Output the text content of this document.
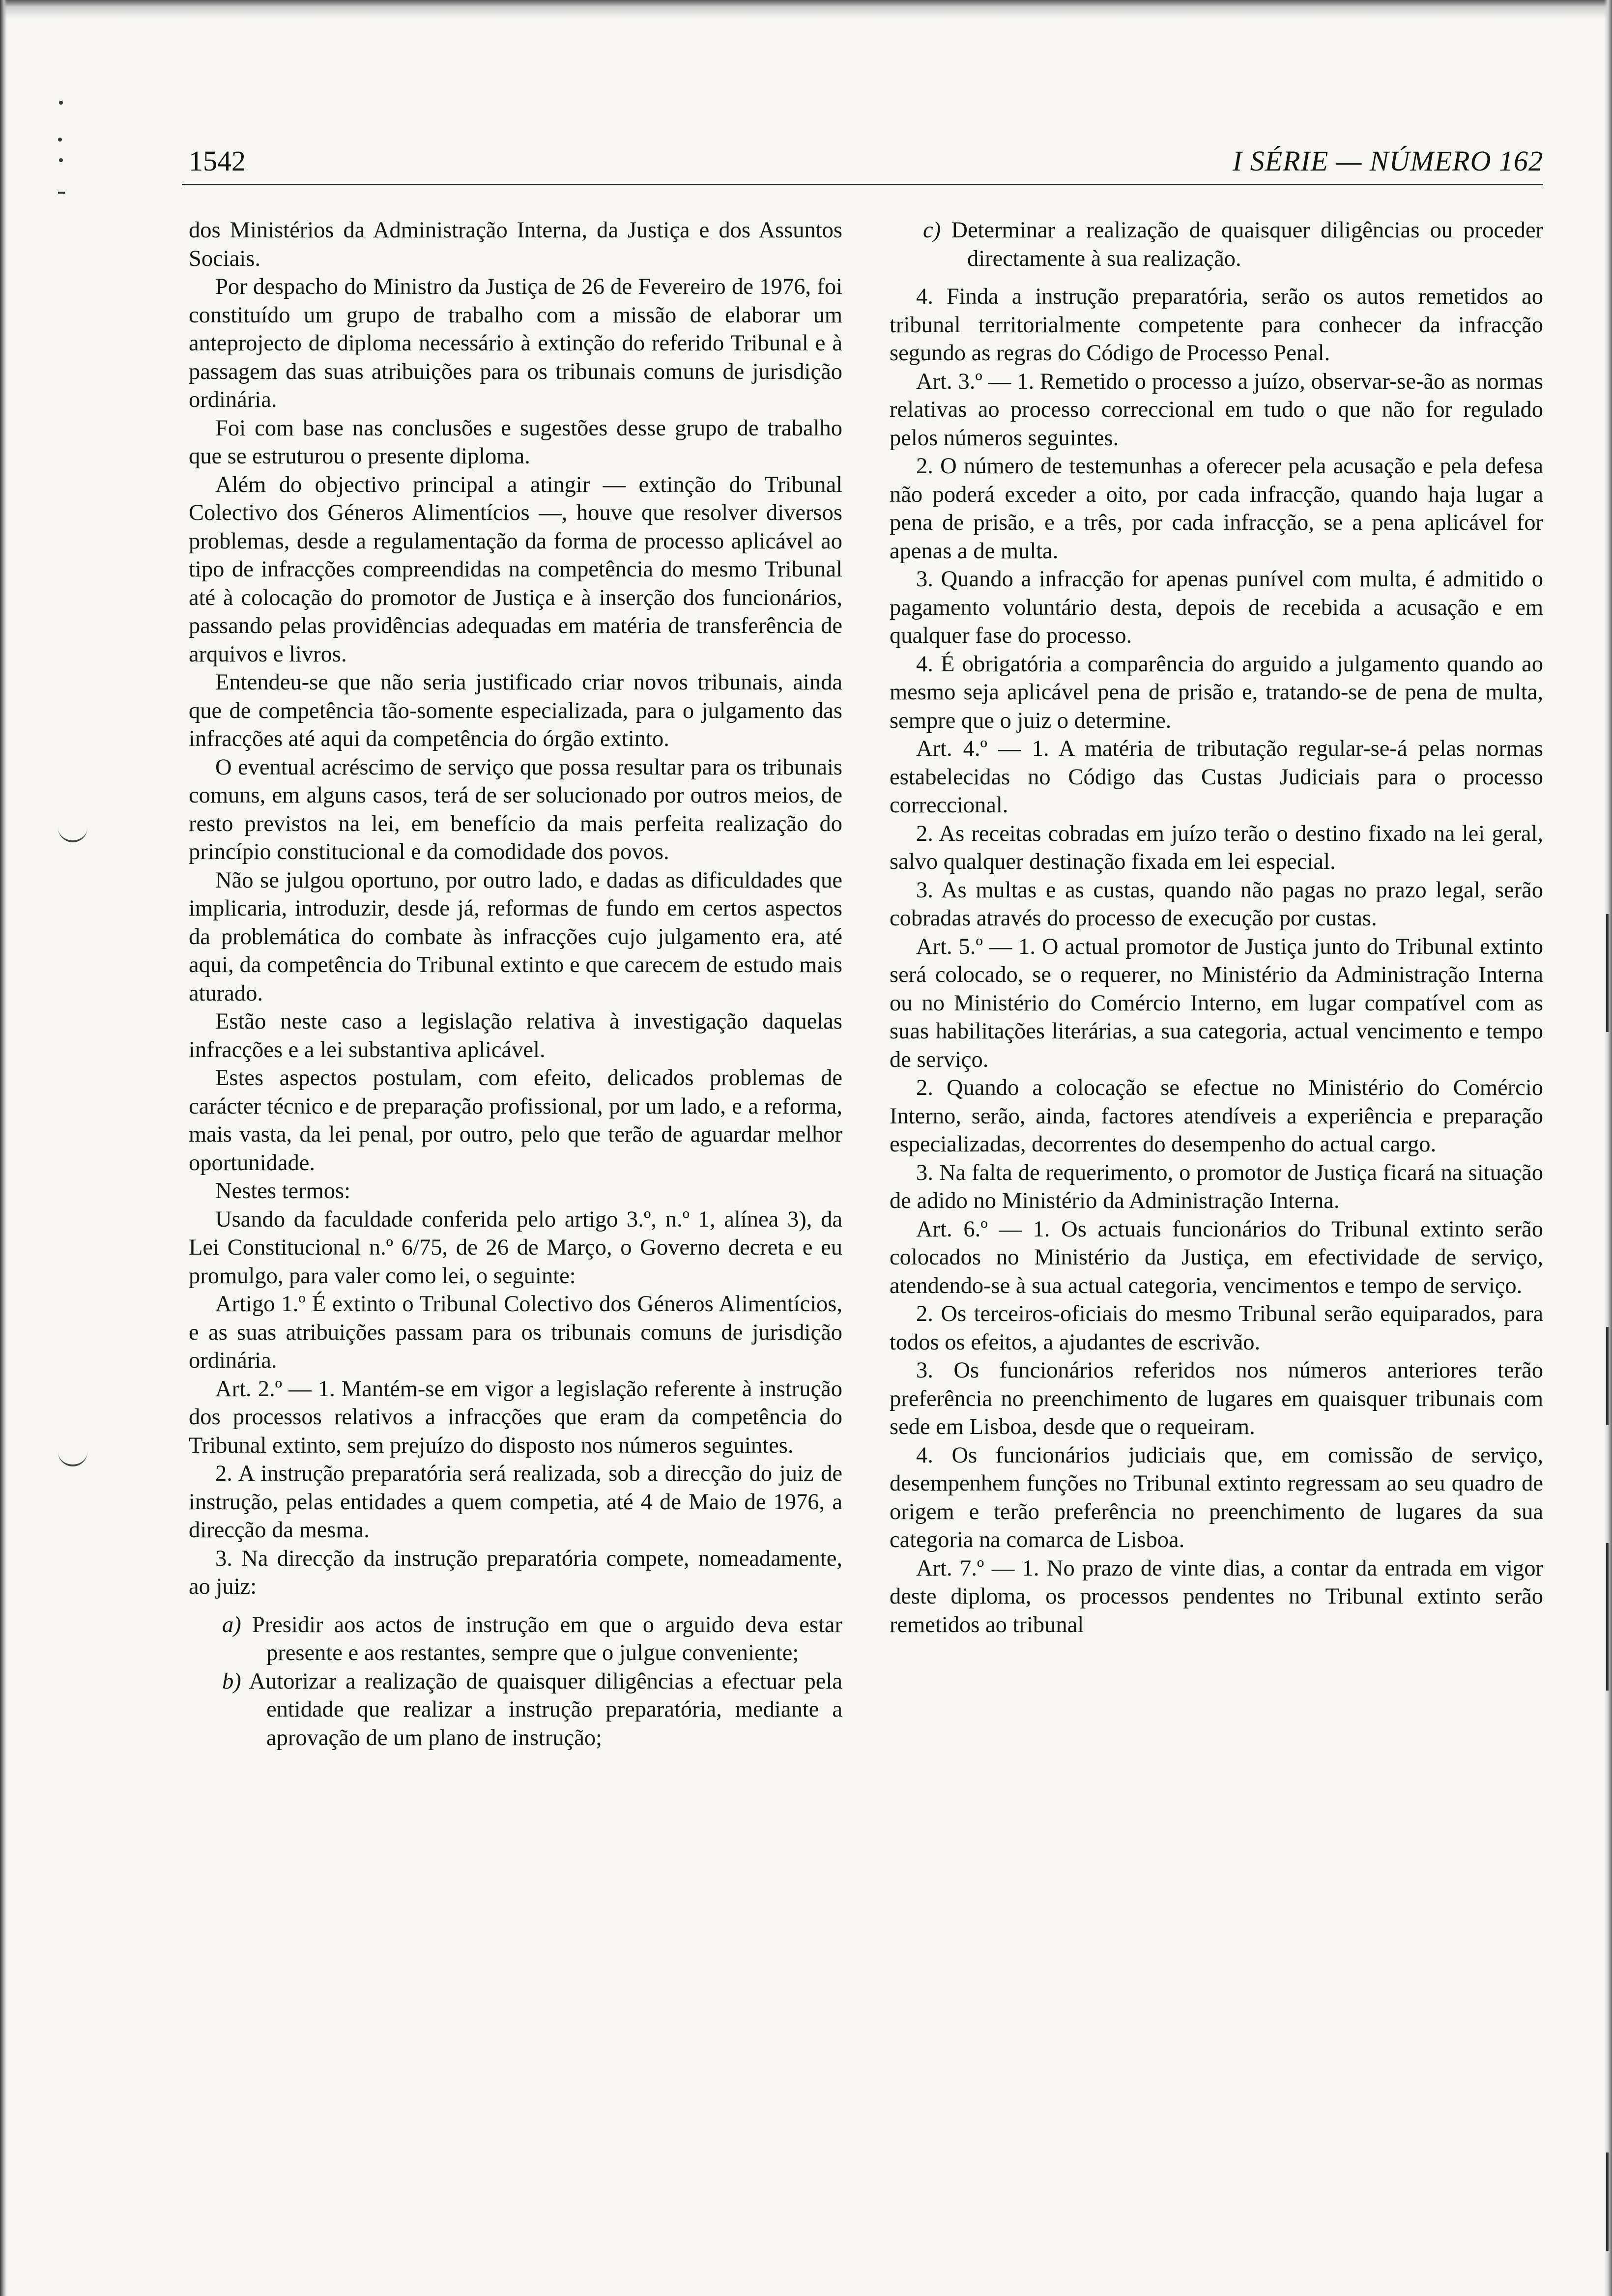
1542	I SÉRIE — NÚMERO 162

dos Ministérios da Administração Interna, da Justiça e dos Assuntos Sociais.

Por despacho do Ministro da Justiça de 26 de Fevereiro de 1976, foi constituído um grupo de trabalho com a missão de elaborar um anteprojecto de diploma necessário à extinção do referido Tribunal e à passagem das suas atribuições para os tribunais comuns de jurisdição ordinária.

Foi com base nas conclusões e sugestões desse grupo de trabalho que se estruturou o presente diploma.

Além do objectivo principal a atingir — extinção do Tribunal Colectivo dos Géneros Alimentícios —, houve que resolver diversos problemas, desde a regulamentação da forma de processo aplicável ao tipo de infracções compreendidas na competência do mesmo Tribunal até à colocação do promotor de Justiça e à inserção dos funcionários, passando pelas providências adequadas em matéria de transferência de arquivos e livros.

Entendeu-se que não seria justificado criar novos tribunais, ainda que de competência tão-somente especializada, para o julgamento das infracções até aqui da competência do órgão extinto.

O eventual acréscimo de serviço que possa resultar para os tribunais comuns, em alguns casos, terá de ser solucionado por outros meios, de resto previstos na lei, em benefício da mais perfeita realização do princípio constitucional e da comodidade dos povos.

Não se julgou oportuno, por outro lado, e dadas as dificuldades que implicaria, introduzir, desde já, reformas de fundo em certos aspectos da problemática do combate às infracções cujo julgamento era, até aqui, da competência do Tribunal extinto e que carecem de estudo mais aturado.

Estão neste caso a legislação relativa à investigação daquelas infracções e a lei substantiva aplicável.

Estes aspectos postulam, com efeito, delicados problemas de carácter técnico e de preparação profissional, por um lado, e a reforma, mais vasta, da lei penal, por outro, pelo que terão de aguardar melhor oportunidade.

Nestes termos:

Usando da faculdade conferida pelo artigo 3.º, n.º 1, alínea 3), da Lei Constitucional n.º 6/75, de 26 de Março, o Governo decreta e eu promulgo, para valer como lei, o seguinte:

Artigo 1.º É extinto o Tribunal Colectivo dos Géneros Alimentícios, e as suas atribuições passam para os tribunais comuns de jurisdição ordinária.

Art. 2.º — 1. Mantém-se em vigor a legislação referente à instrução dos processos relativos a infracções que eram da competência do Tribunal extinto, sem prejuízo do disposto nos números seguintes.

2. A instrução preparatória será realizada, sob a direcção do juiz de instrução, pelas entidades a quem competia, até 4 de Maio de 1976, a direcção da mesma.

3. Na direcção da instrução preparatória compete, nomeadamente, ao juiz:

a) Presidir aos actos de instrução em que o arguido deva estar presente e aos restantes, sempre que o julgue conveniente;

b) Autorizar a realização de quaisquer diligências a efectuar pela entidade que realizar a instrução preparatória, mediante a aprovação de um plano de instrução;

c) Determinar a realização de quaisquer diligências ou proceder directamente à sua realização.

4. Finda a instrução preparatória, serão os autos remetidos ao tribunal territorialmente competente para conhecer da infracção segundo as regras do Código de Processo Penal.

Art. 3.º — 1. Remetido o processo a juízo, observar-se-ão as normas relativas ao processo correccional em tudo o que não for regulado pelos números seguintes.

2. O número de testemunhas a oferecer pela acusação e pela defesa não poderá exceder a oito, por cada infracção, quando haja lugar a pena de prisão, e a três, por cada infracção, se a pena aplicável for apenas a de multa.

3. Quando a infracção for apenas punível com multa, é admitido o pagamento voluntário desta, depois de recebida a acusação e em qualquer fase do processo.

4. É obrigatória a comparência do arguido a julgamento quando ao mesmo seja aplicável pena de prisão e, tratando-se de pena de multa, sempre que o juiz o determine.

Art. 4.º — 1. A matéria de tributação regular-se-á pelas normas estabelecidas no Código das Custas Judiciais para o processo correccional.

2. As receitas cobradas em juízo terão o destino fixado na lei geral, salvo qualquer destinação fixada em lei especial.

3. As multas e as custas, quando não pagas no prazo legal, serão cobradas através do processo de execução por custas.

Art. 5.º — 1. O actual promotor de Justiça junto do Tribunal extinto será colocado, se o requerer, no Ministério da Administração Interna ou no Ministério do Comércio Interno, em lugar compatível com as suas habilitações literárias, a sua categoria, actual vencimento e tempo de serviço.

2. Quando a colocação se efectue no Ministério do Comércio Interno, serão, ainda, factores atendíveis a experiência e preparação especializadas, decorrentes do desempenho do actual cargo.

3. Na falta de requerimento, o promotor de Justiça ficará na situação de adido no Ministério da Administração Interna.

Art. 6.º — 1. Os actuais funcionários do Tribunal extinto serão colocados no Ministério da Justiça, em efectividade de serviço, atendendo-se à sua actual categoria, vencimentos e tempo de serviço.

2. Os terceiros-oficiais do mesmo Tribunal serão equiparados, para todos os efeitos, a ajudantes de escrivão.

3. Os funcionários referidos nos números anteriores terão preferência no preenchimento de lugares em quaisquer tribunais com sede em Lisboa, desde que o requeiram.

4. Os funcionários judiciais que, em comissão de serviço, desempenhem funções no Tribunal extinto regressam ao seu quadro de origem e terão preferência no preenchimento de lugares da sua categoria na comarca de Lisboa.

Art. 7.º — 1. No prazo de vinte dias, a contar da entrada em vigor deste diploma, os processos pendentes no Tribunal extinto serão remetidos ao tribunal
